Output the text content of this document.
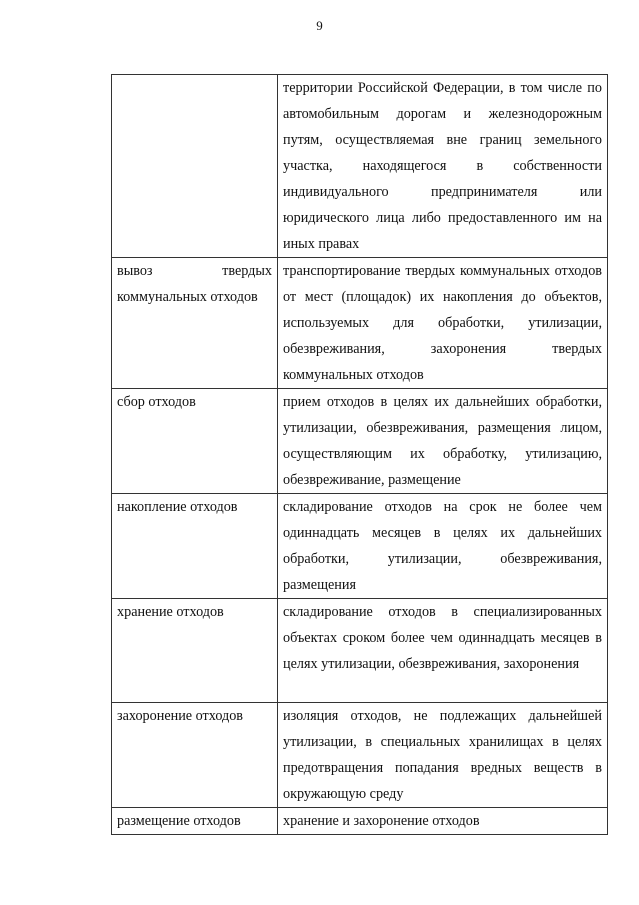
9

	территории Российской Федерации, в том числе по автомобильным дорогам и железнодорожным путям, осуществляемая вне границ земельного участка, находящегося в собственности индивидуального предпринимателя или юридического лица либо предоставленного им на иных правах

вывоз твердых коммунальных отходов	транспортирование твердых коммунальных отходов от мест (площадок) их накопления до объектов, используемых для обработки, утилизации, обезвреживания, захоронения твердых коммунальных отходов

сбор отходов	прием отходов в целях их дальнейших обработки, утилизации, обезвреживания, размещения лицом, осуществляющим их обработку, утилизацию, обезвреживание, размещение

накопление отходов	складирование отходов на срок не более чем одиннадцать месяцев в целях их дальнейших обработки, утилизации, обезвреживания, размещения

хранение отходов	складирование отходов в специализированных объектах сроком более чем одиннадцать месяцев в целях утилизации, обезвреживания, захоронения

захоронение отходов	изоляция отходов, не подлежащих дальнейшей утилизации, в специальных хранилищах в целях предотвращения попадания вредных веществ в окружающую среду

размещение отходов	хранение и захоронение отходов
